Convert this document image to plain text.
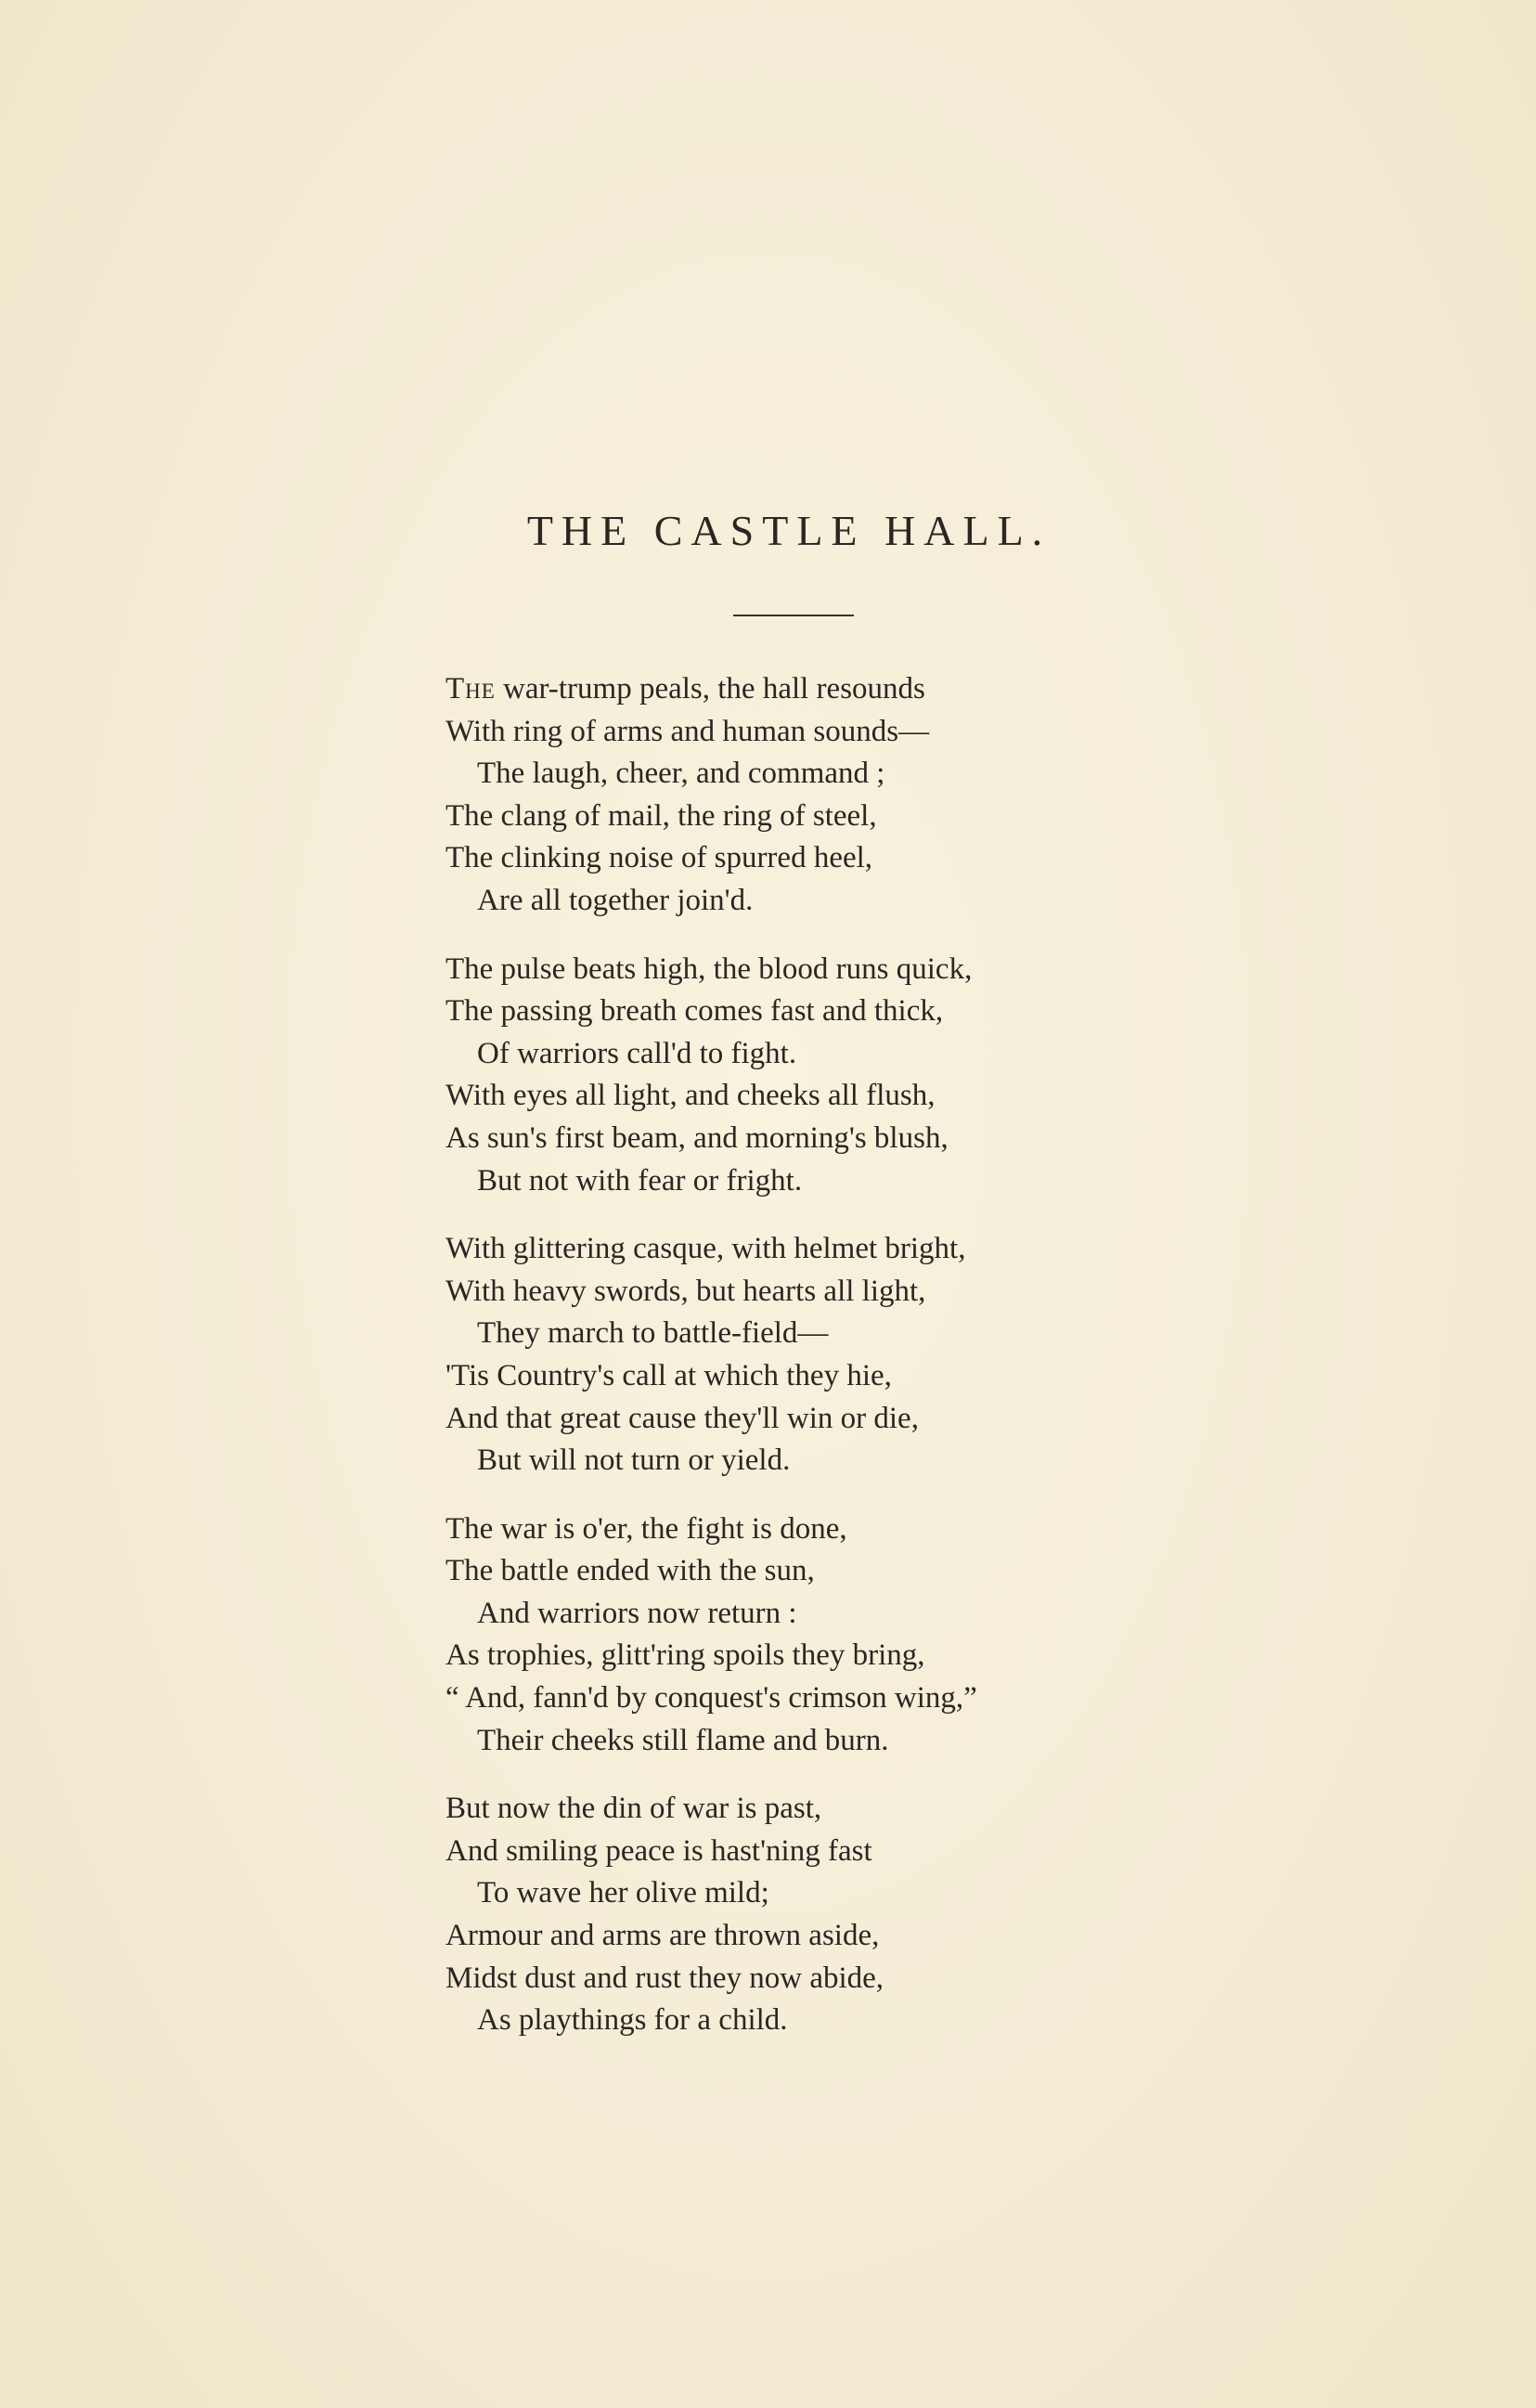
THE CASTLE HALL.
The war-trump peals, the hall resounds
With ring of arms and human sounds—
The laugh, cheer, and command ;
The clang of mail, the ring of steel,
The clinking noise of spurred heel,
Are all together join'd.
The pulse beats high, the blood runs quick,
The passing breath comes fast and thick,
Of warriors call'd to fight.
With eyes all light, and cheeks all flush,
As sun's first beam, and morning's blush,
But not with fear or fright.
With glittering casque, with helmet bright,
With heavy swords, but hearts all light,
They march to battle-field—
'Tis Country's call at which they hie,
And that great cause they'll win or die,
But will not turn or yield.
The war is o'er, the fight is done,
The battle ended with the sun,
And warriors now return :
As trophies, glitt'ring spoils they bring,
“ And, fann'd by conquest's crimson wing,”
Their cheeks still flame and burn.
But now the din of war is past,
And smiling peace is hast'ning fast
To wave her olive mild;
Armour and arms are thrown aside,
Midst dust and rust they now abide,
As playthings for a child.
